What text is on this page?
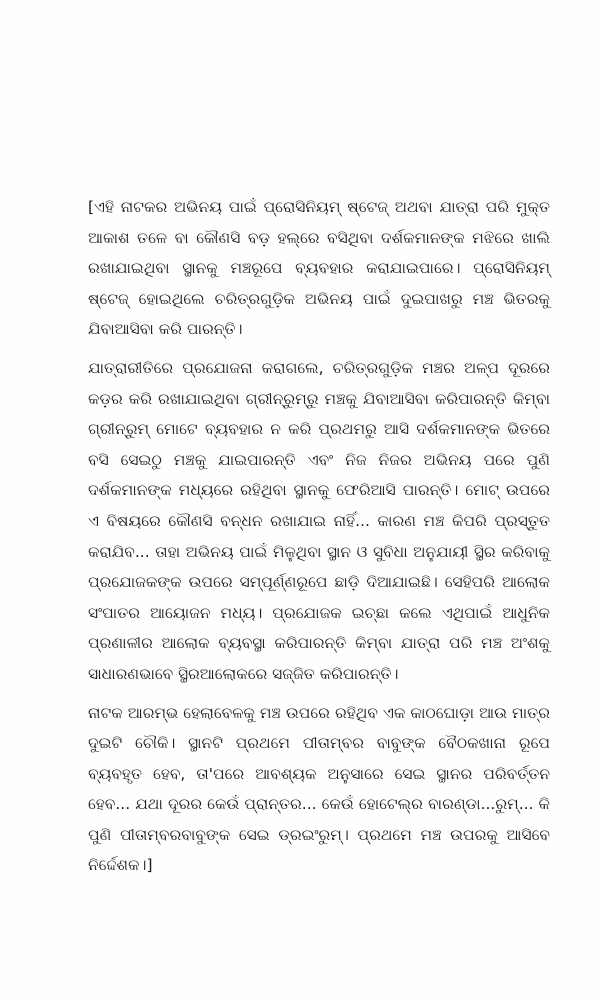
[ଏହି ନାଟକର ଅଭିନୟ ପାଇଁ ପ୍ରୋସିନିୟମ୍ ଷ୍ଟେଜ୍ ଅଥବା ଯାତ୍ରା ପରି ମୁକ୍ତ ଆକାଶ ତଳେ ବା କୌଣସି ବଡ଼ ହଲ୍‌ରେ ବସିଥିବା ଦର୍ଶକମାନଙ୍କ ମଝିରେ ଖାଲି ରଖାଯାଇଥିବା ସ୍ଥାନକୁ ମଞ୍ଚରୂପେ ବ୍ୟବହାର କରାଯାଇପାରେ। ପ୍ରୋସିନିୟମ୍ ଷ୍ଟେଜ୍ ହୋଇଥିଲେ ଚରିତ୍ରଗୁଡ଼ିକ ଅଭିନୟ ପାଇଁ ଦୁଇପାଖରୁ ମଞ୍ଚ ଭିତରକୁ ଯିବାଆସିବା କରି ପାରନ୍ତି।

ଯାତ୍ରାରୀତିରେ ପ୍ରଯୋଜନା କରାଗଲେ, ଚରିତ୍ରଗୁଡ଼ିକ ମଞ୍ଚର ଅଳ୍ପ ଦୂରରେ କଡ଼ର କରି ରଖାଯାଇଥିବା ଗ୍ରୀନ୍‌ରୁମ୍‌ରୁ ମଞ୍ଚକୁ ଯିବାଆସିବା କରିପାରନ୍ତି କିମ୍ବା ଗ୍ରୀନ୍‌ରୁମ୍ ମୋଟେ ବ୍ୟବହାର ନ କରି ପ୍ରଥମରୁ ଆସି ଦର୍ଶକମାନଙ୍କ ଭିତରେ ବସି ସେଇଠୁ ମଞ୍ଚକୁ ଯାଇପାରନ୍ତି ଏବଂ ନିଜ ନିଜର ଅଭିନୟ ପରେ ପୁଣି ଦର୍ଶକମାନଙ୍କ ମଧ୍ୟରେ ରହିଥିବା ସ୍ଥାନକୁ ଫେରିଆସି ପାରନ୍ତି। ମୋଟ୍ ଉପରେ ଏ ବିଷୟରେ କୌଣସି ବନ୍ଧନ ରଖାଯାଇ ନାହିଁ... କାରଣ ମଞ୍ଚ କିପରି ପ୍ରସ୍ତୁତ କରାଯିବ... ତାହା ଅଭିନୟ ପାଇଁ ମିଳୁଥିବା ସ୍ଥାନ ଓ ସୁବିଧା ଅନୁଯାୟୀ ସ୍ଥିର କରିବାକୁ ପ୍ରଯୋଜକଙ୍କ ଉପରେ ସମ୍ପୂର୍ଣ୍ଣରୂପେ ଛାଡ଼ି ଦିଆଯାଇଛି। ସେହିପରି ଆଲୋକ ସଂପାତର ଆୟୋଜନ ମଧ୍ୟ। ପ୍ରଯୋଜକ ଇଚ୍ଛା କଲେ ଏଥିପାଇଁ ଆଧୁନିକ ପ୍ରଣାଳୀର ଆଲୋକ ବ୍ୟବସ୍ଥା କରିପାରନ୍ତି କିମ୍ବା ଯାତ୍ରା ପରି ମଞ୍ଚ ଅଂଶକୁ ସାଧାରଣଭାବେ ସ୍ଥିରଆଲୋକରେ ସଜ୍ଜିତ କରିପାରନ୍ତି।

ନାଟକ ଆରମ୍ଭ ହେଲାବେଳକୁ ମଞ୍ଚ ଉପରେ ରହିଥିବ ଏକ କାଠଘୋଡ଼ା ଆଉ ମାତ୍ର ଦୁଇଟି ଚୌକି। ସ୍ଥାନଟି ପ୍ରଥମେ ପୀତାମ୍ବର ବାବୁଙ୍କ ବୈଠକଖାନା ରୂପେ ବ୍ୟବହୃତ ହେବ, ତା'ପରେ ଆବଶ୍ୟକ ଅନୁସାରେ ସେଇ ସ୍ଥାନର ପରିବର୍ତ୍ତନ ହେବ... ଯଥା ଦୂରର କେଉଁ ପ୍ରାନ୍ତର... କେଉଁ ହୋଟେଲ୍‌ର ବାରଣ୍ଡା...ରୁମ୍... କି ପୁଣି ପୀତାମ୍ବରବାବୁଙ୍କ ସେଇ ଡ୍ରଇଂରୁମ୍। ପ୍ରଥମେ ମଞ୍ଚ ଉପରକୁ ଆସିବେ ନିର୍ଦ୍ଦେଶକ।]
